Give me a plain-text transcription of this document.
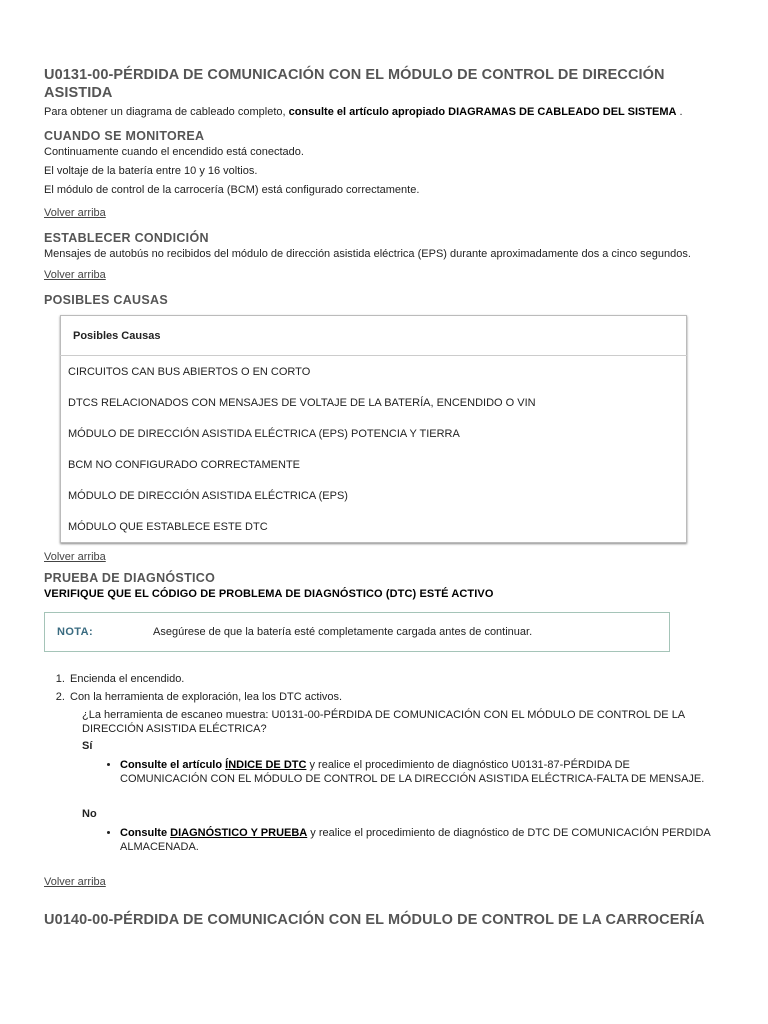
U0131-00-PÉRDIDA DE COMUNICACIÓN CON EL MÓDULO DE CONTROL DE DIRECCIÓN ASISTIDA

Para obtener un diagrama de cableado completo, consulte el artículo apropiado DIAGRAMAS DE CABLEADO DEL SISTEMA .

CUANDO SE MONITOREA

Continuamente cuando el encendido está conectado.

El voltaje de la batería entre 10 y 16 voltios.

El módulo de control de la carrocería (BCM) está configurado correctamente.

Volver arriba
ESTABLECER CONDICIÓN

Mensajes de autobús no recibidos del módulo de dirección asistida eléctrica (EPS) durante aproximadamente dos a cinco segundos.

Volver arriba
POSIBLES CAUSAS
Posibles Causas
CIRCUITOS CAN BUS ABIERTOS O EN CORTO
DTCS RELACIONADOS CON MENSAJES DE VOLTAJE DE LA BATERÍA, ENCENDIDO O VIN
MÓDULO DE DIRECCIÓN ASISTIDA ELÉCTRICA (EPS) POTENCIA Y TIERRA
BCM NO CONFIGURADO CORRECTAMENTE
MÓDULO DE DIRECCIÓN ASISTIDA ELÉCTRICA (EPS)
MÓDULO QUE ESTABLECE ESTE DTC
Volver arriba
PRUEBA DE DIAGNÓSTICO

VERIFIQUE QUE EL CÓDIGO DE PROBLEMA DE DIAGNÓSTICO (DTC) ESTÉ ACTIVO

NOTA:	Asegúrese de que la batería esté completamente cargada antes de continuar.
1. Encienda el encendido.
2. Con la herramienta de exploración, lea los DTC activos.

¿La herramienta de escaneo muestra: U0131-00-PÉRDIDA DE COMUNICACIÓN CON EL MÓDULO DE CONTROL DE LA DIRECCIÓN ASISTIDA ELÉCTRICA?

Sí

• Consulte el artículo ÍNDICE DE DTC y realice el procedimiento de diagnóstico U0131-87-PÉRDIDA DE COMUNICACIÓN CON EL MÓDULO DE CONTROL DE LA DIRECCIÓN ASISTIDA ELÉCTRICA-FALTA DE MENSAJE.

No

• Consulte DIAGNÓSTICO Y PRUEBA y realice el procedimiento de diagnóstico de DTC DE COMUNICACIÓN PERDIDA ALMACENADA.
Volver arriba
U0140-00-PÉRDIDA DE COMUNICACIÓN CON EL MÓDULO DE CONTROL DE LA CARROCERÍA
